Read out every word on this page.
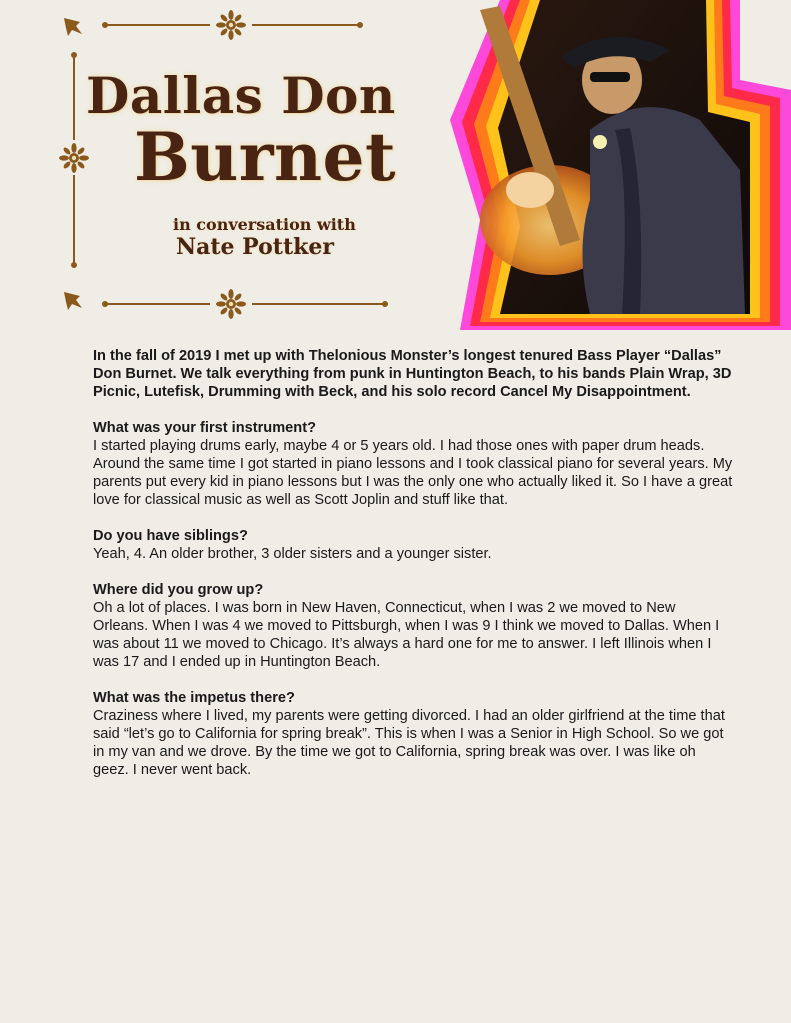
Dallas Don
Burnet
in conversation with
Nate Pottker

In the fall of 2019 I met up with Thelonious Monster’s longest tenured Bass Player “Dallas” Don Burnet. We talk everything from punk in Huntington Beach, to his bands Plain Wrap, 3D Picnic, Lutefisk, Drumming with Beck, and his solo record Cancel My Disappointment.

What was your first instrument?

I started playing drums early, maybe 4 or 5 years old. I had those ones with paper drum heads. Around the same time I got started in piano lessons and I took classical piano for several years. My parents put every kid in piano lessons but I was the only one who actually liked it. So I have a great love for classical music as well as Scott Joplin and stuff like that.

Do you have siblings?

Yeah, 4. An older brother, 3 older sisters and a younger sister.

Where did you grow up?

Oh a lot of places. I was born in New Haven, Connecticut, when I was 2 we moved to New Orleans. When I was 4 we moved to Pittsburgh, when I was 9 I think we moved to Dallas. When I was about 11 we moved to Chicago. It’s always a hard one for me to answer. I left Illinois when I was 17 and I ended up in Huntington Beach.

What was the impetus there?

Craziness where I lived, my parents were getting divorced. I had an older girlfriend at the time that said “let’s go to California for spring break”. This is when I was a Senior in High School. So we got in my van and we drove. By the time we got to California, spring break was over. I was like oh geez. I never went back.
